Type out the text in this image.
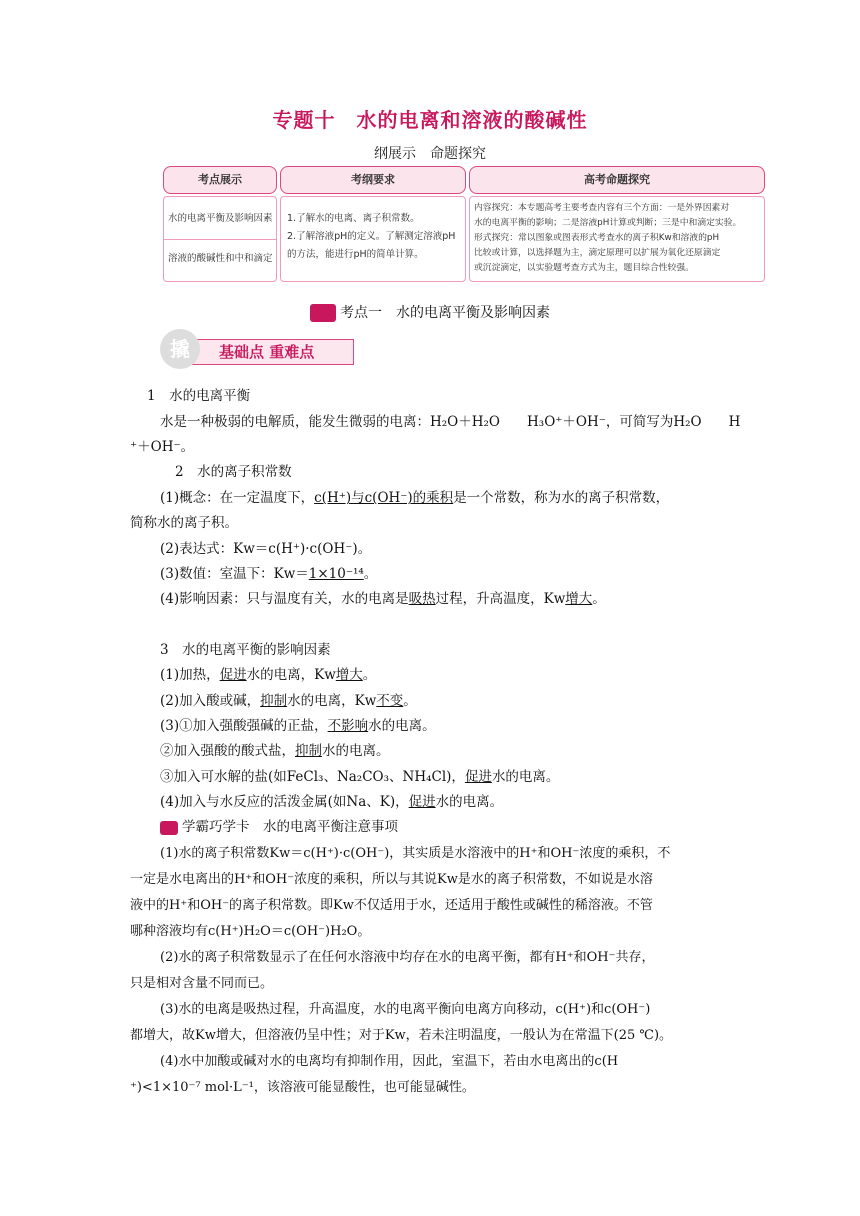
专题十　水的电离和溶液的酸碱性
纲展示　命题探究
考点展示	考纲要求	高考命题探究
水的电离平衡及影响因素
溶液的酸碱性和中和滴定
1.了解水的电离、离子积常数。
2.了解溶液pH的定义。了解测定溶液pH
的方法，能进行pH的简单计算。
内容探究：本专题高考主要考查内容有三个方面：一是外界因素对
水的电离平衡的影响；二是溶液pH计算或判断；三是中和滴定实验。
形式探究：常以图象或图表形式考查水的离子积Kw和溶液的pH
比较或计算，以选择题为主，滴定原理可以扩展为氧化还原滴定
或沉淀滴定，以实验题考查方式为主，题目综合性较强。
考点一　水的电离平衡及影响因素
基础点 重难点
撬
1　水的电离平衡
水是一种极弱的电解质，能发生微弱的电离：H₂O＋H₂O　　H₃O⁺＋OH⁻，可简写为H₂O　　H
⁺＋OH⁻。
2　水的离子积常数
(1)概念：在一定温度下，c(H⁺)与c(OH⁻)的乘积是一个常数，称为水的离子积常数，
简称水的离子积。
(2)表达式：Kw＝c(H⁺)·c(OH⁻)。
(3)数值：室温下：Kw＝1×10⁻¹⁴。
(4)影响因素：只与温度有关，水的电离是吸热过程，升高温度，Kw增大。
3　水的电离平衡的影响因素
(1)加热，促进水的电离，Kw增大。
(2)加入酸或碱，抑制水的电离，Kw不变。
(3)①加入强酸强碱的正盐，不影响水的电离。
②加入强酸的酸式盐，抑制水的电离。
③加入可水解的盐(如FeCl₃、Na₂CO₃、NH₄Cl)，促进水的电离。
(4)加入与水反应的活泼金属(如Na、K)，促进水的电离。
学霸巧学卡　水的电离平衡注意事项
(1)水的离子积常数Kw＝c(H⁺)·c(OH⁻)，其实质是水溶液中的H⁺和OH⁻浓度的乘积，不
一定是水电离出的H⁺和OH⁻浓度的乘积，所以与其说Kw是水的离子积常数，不如说是水溶
液中的H⁺和OH⁻的离子积常数。即Kw不仅适用于水，还适用于酸性或碱性的稀溶液。不管
哪种溶液均有c(H⁺)H₂O＝c(OH⁻)H₂O。
(2)水的离子积常数显示了在任何水溶液中均存在水的电离平衡，都有H⁺和OH⁻共存，
只是相对含量不同而已。
(3)水的电离是吸热过程，升高温度，水的电离平衡向电离方向移动，c(H⁺)和c(OH⁻)
都增大，故Kw增大，但溶液仍呈中性；对于Kw，若未注明温度，一般认为在常温下(25 ℃)。
(4)水中加酸或碱对水的电离均有抑制作用，因此，室温下，若由水电离出的c(H
⁺)<1×10⁻⁷ mol·L⁻¹，该溶液可能显酸性，也可能显碱性。
